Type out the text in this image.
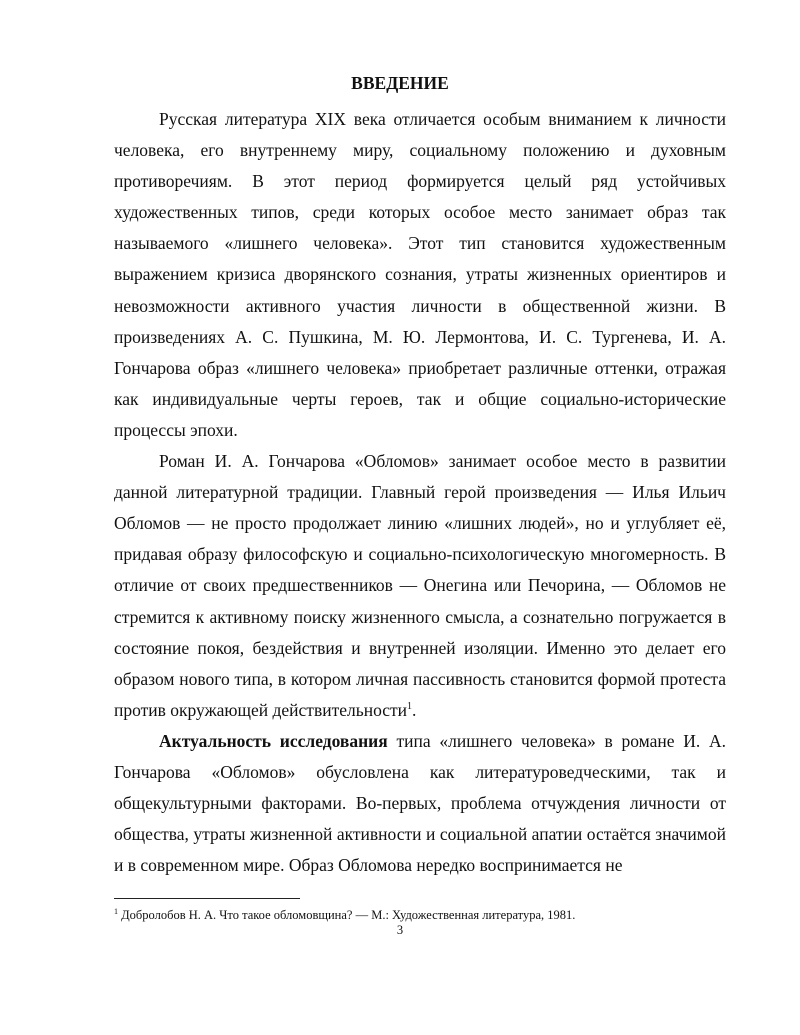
ВВЕДЕНИЕ

Русская литература XIX века отличается особым вниманием к личности человека, его внутреннему миру, социальному положению и духовным противоречиям. В этот период формируется целый ряд устойчивых художественных типов, среди которых особое место занимает образ так называемого «лишнего человека». Этот тип становится художественным выражением кризиса дворянского сознания, утраты жизненных ориентиров и невозможности активного участия личности в общественной жизни. В произведениях А. С. Пушкина, М. Ю. Лермонтова, И. С. Тургенева, И. А. Гончарова образ «лишнего человека» приобретает различные оттенки, отражая как индивидуальные черты героев, так и общие социально-исторические процессы эпохи.

Роман И. А. Гончарова «Обломов» занимает особое место в развитии данной литературной традиции. Главный герой произведения — Илья Ильич Обломов — не просто продолжает линию «лишних людей», но и углубляет её, придавая образу философскую и социально-психологическую многомерность. В отличие от своих предшественников — Онегина или Печорина, — Обломов не стремится к активному поиску жизненного смысла, а сознательно погружается в состояние покоя, бездействия и внутренней изоляции. Именно это делает его образом нового типа, в котором личная пассивность становится формой протеста против окружающей действительности$^1$.

Актуальность исследования типа «лишнего человека» в романе И. А. Гончарова «Обломов» обусловлена как литературоведческими, так и общекультурными факторами. Во-первых, проблема отчуждения личности от общества, утраты жизненной активности и социальной апатии остаётся значимой и в современном мире. Образ Обломова нередко воспринимается не

$^1$ Добролобов Н. А. Что такое обломовщина? — М.: Художественная литература, 1981.
3
